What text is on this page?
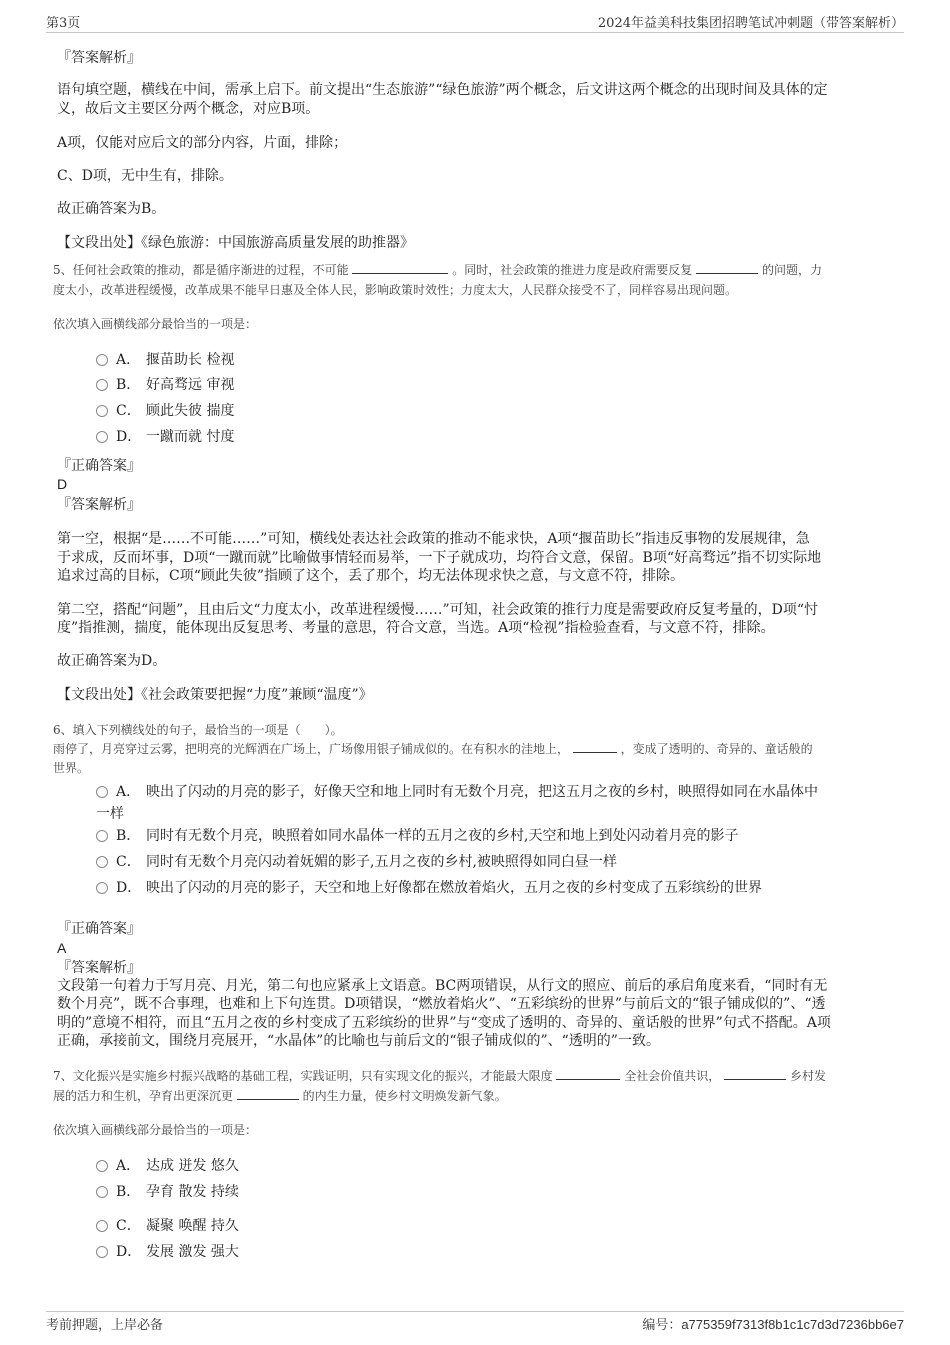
第3页	2024年益美科技集团招聘笔试冲刺题（带答案解析）
『答案解析』
语句填空题，横线在中间，需承上启下。前文提出“生态旅游”“绿色旅游”两个概念，后文讲这两个概念的出现时间及具体的定
义，故后文主要区分两个概念，对应B项。
A项，仅能对应后文的部分内容，片面，排除；
C、D项，无中生有，排除。
故正确答案为B。
【文段出处】《绿色旅游：中国旅游高质量发展的助推器》
5、任何社会政策的推动，都是循序渐进的过程，不可能	。同时，社会政策的推进力度是政府需要反复	的问题，力
度太小，改革进程缓慢，改革成果不能早日惠及全体人民，影响政策时效性；力度太大，人民群众接受不了，同样容易出现问题。
依次填入画横线部分最恰当的一项是：
A． 揠苗助长 检视
B． 好高骛远 审视
C． 顾此失彼 揣度
D． 一蹴而就 忖度
『正确答案』
D
『答案解析』
第一空，根据“是……不可能……”可知，横线处表达社会政策的推动不能求快，A项“揠苗助长”指违反事物的发展规律，急
于求成，反而坏事，D项“一蹴而就”比喻做事情轻而易举，一下子就成功，均符合文意，保留。B项“好高骛远”指不切实际地
追求过高的目标，C项“顾此失彼”指顾了这个，丢了那个，均无法体现求快之意，与文意不符，排除。
第二空，搭配“问题”，且由后文“力度太小，改革进程缓慢……”可知，社会政策的推行力度是需要政府反复考量的，D项“忖
度”指推测，揣度，能体现出反复思考、考量的意思，符合文意，当选。A项“检视”指检验查看，与文意不符，排除。
故正确答案为D。
【文段出处】《社会政策要把握“力度”兼顾“温度”》
6、填入下列横线处的句子，最恰当的一项是（　　）。
雨停了，月亮穿过云雾，把明亮的光辉洒在广场上，广场像用银子铺成似的。在有积水的洼地上，	，变成了透明的、奇异的、童话般的
世界。
A． 映出了闪动的月亮的影子，好像天空和地上同时有无数个月亮，把这五月之夜的乡村，映照得如同在水晶体中
一样
B． 同时有无数个月亮，映照着如同水晶体一样的五月之夜的乡村,天空和地上到处闪动着月亮的影子
C． 同时有无数个月亮闪动着妩媚的影子,五月之夜的乡村,被映照得如同白昼一样
D． 映出了闪动的月亮的影子，天空和地上好像都在燃放着焰火，五月之夜的乡村变成了五彩缤纷的世界
『正确答案』
A
『答案解析』
文段第一句着力于写月亮、月光，第二句也应紧承上文语意。BC两项错误，从行文的照应、前后的承启角度来看，“同时有无
数个月亮”，既不合事理，也难和上下句连贯。D项错误，“燃放着焰火”、“五彩缤纷的世界”与前后文的“银子铺成似的”、“透
明的”意境不相符，而且“五月之夜的乡村变成了五彩缤纷的世界”与“变成了透明的、奇异的、童话般的世界”句式不搭配。A项
正确，承接前文，围绕月亮展开，“水晶体”的比喻也与前后文的“银子铺成似的”、“透明的”一致。
7、文化振兴是实施乡村振兴战略的基础工程，实践证明，只有实现文化的振兴，才能最大限度	全社会价值共识，	乡村发
展的活力和生机，孕育出更深沉更	的内生力量，使乡村文明焕发新气象。
依次填入画横线部分最恰当的一项是：
A． 达成 迸发 悠久
B． 孕育 散发 持续
C． 凝聚 唤醒 持久
D． 发展 激发 强大
考前押题，上岸必备	编号：a775359f7313f8b1c1c7d3d7236bb6e7
